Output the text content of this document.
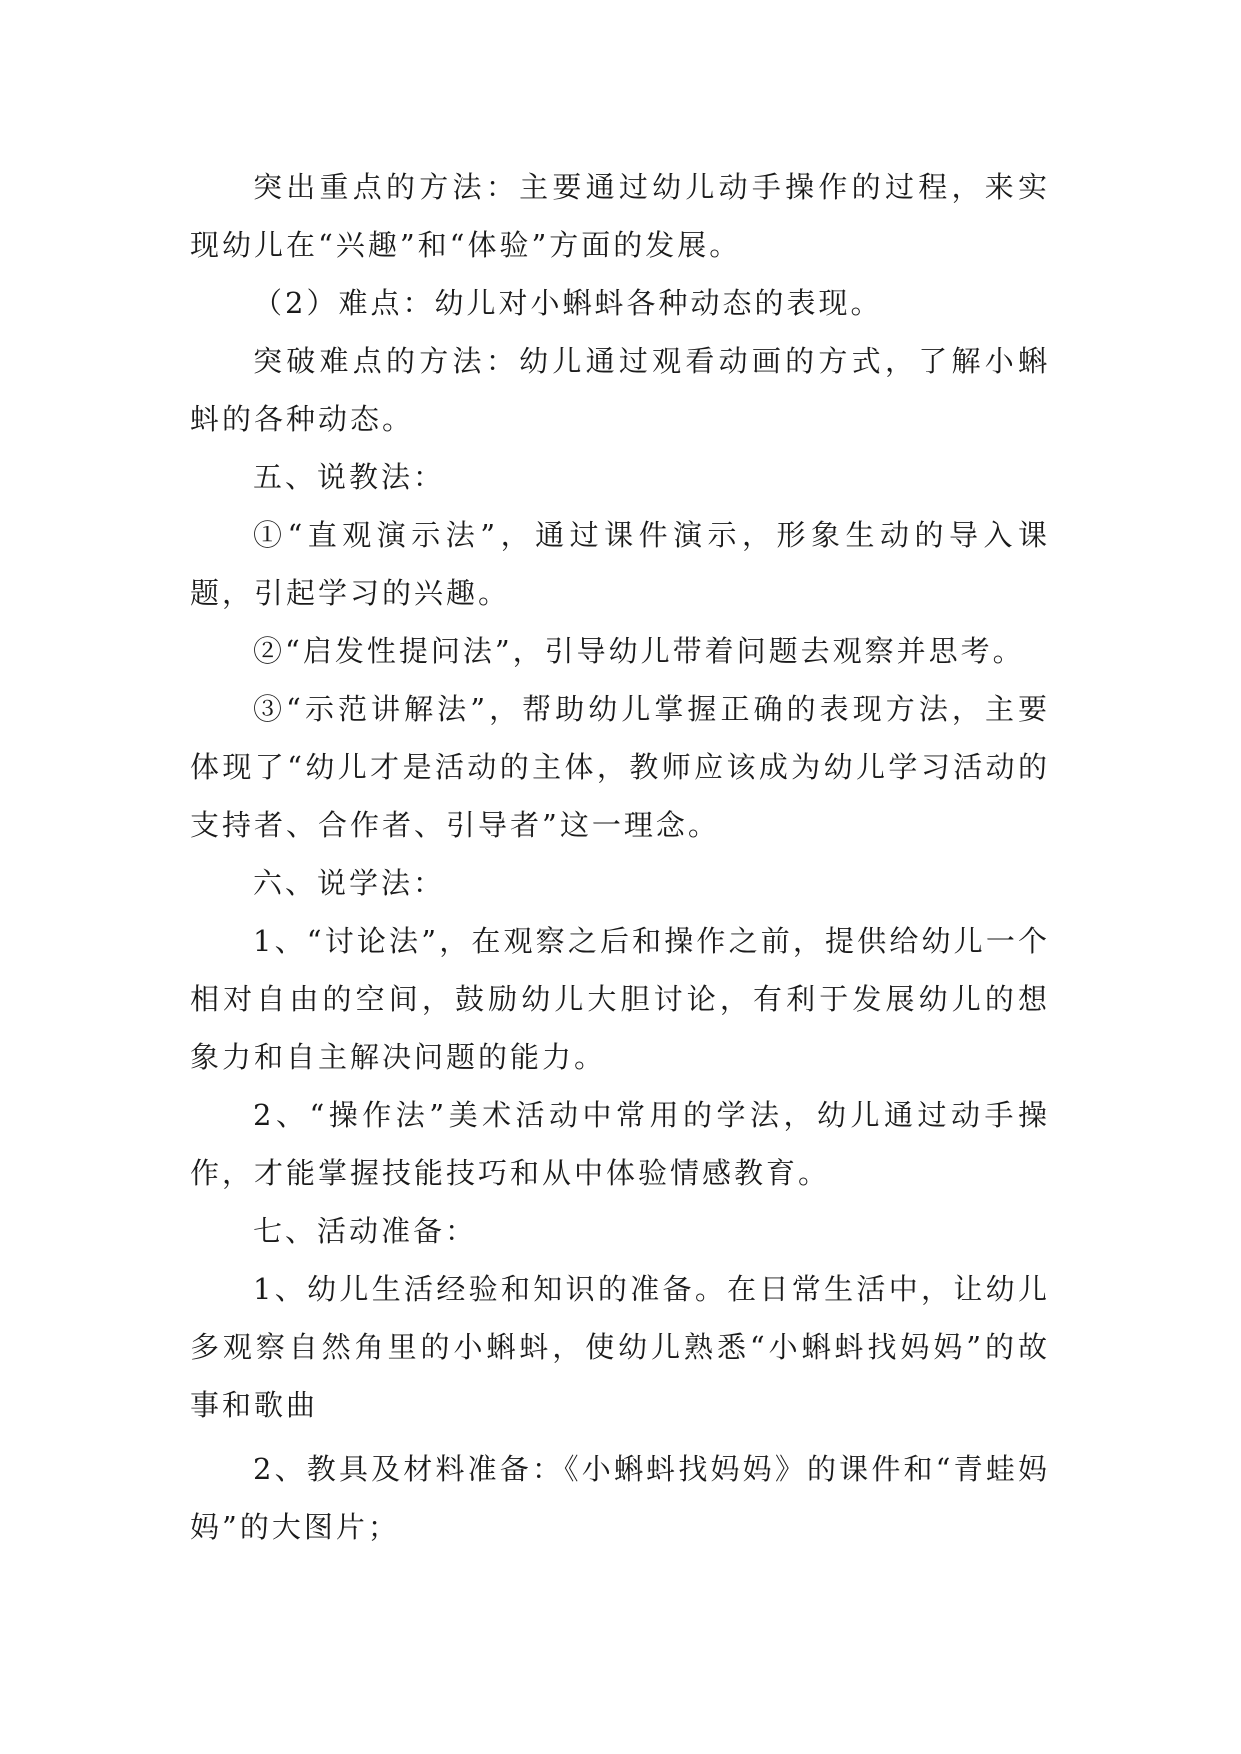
突出重点的方法：主要通过幼儿动手操作的过程，来实现幼儿在“兴趣”和“体验”方面的发展。

（2）难点：幼儿对小蝌蚪各种动态的表现。

突破难点的方法：幼儿通过观看动画的方式，了解小蝌蚪的各种动态。

五、说教法：

①“直观演示法”，通过课件演示，形象生动的导入课题，引起学习的兴趣。

②“启发性提问法”，引导幼儿带着问题去观察并思考。

③“示范讲解法”，帮助幼儿掌握正确的表现方法，主要体现了“幼儿才是活动的主体，教师应该成为幼儿学习活动的支持者、合作者、引导者”这一理念。

六、说学法：

1、“讨论法”，在观察之后和操作之前，提供给幼儿一个相对自由的空间，鼓励幼儿大胆讨论，有利于发展幼儿的想象力和自主解决问题的能力。

2、“操作法”美术活动中常用的学法，幼儿通过动手操作，才能掌握技能技巧和从中体验情感教育。

七、活动准备：

1、幼儿生活经验和知识的准备。在日常生活中，让幼儿多观察自然角里的小蝌蚪，使幼儿熟悉“小蝌蚪找妈妈”的故事和歌曲

2、教具及材料准备：《小蝌蚪找妈妈》的课件和“青蛙妈妈”的大图片；
